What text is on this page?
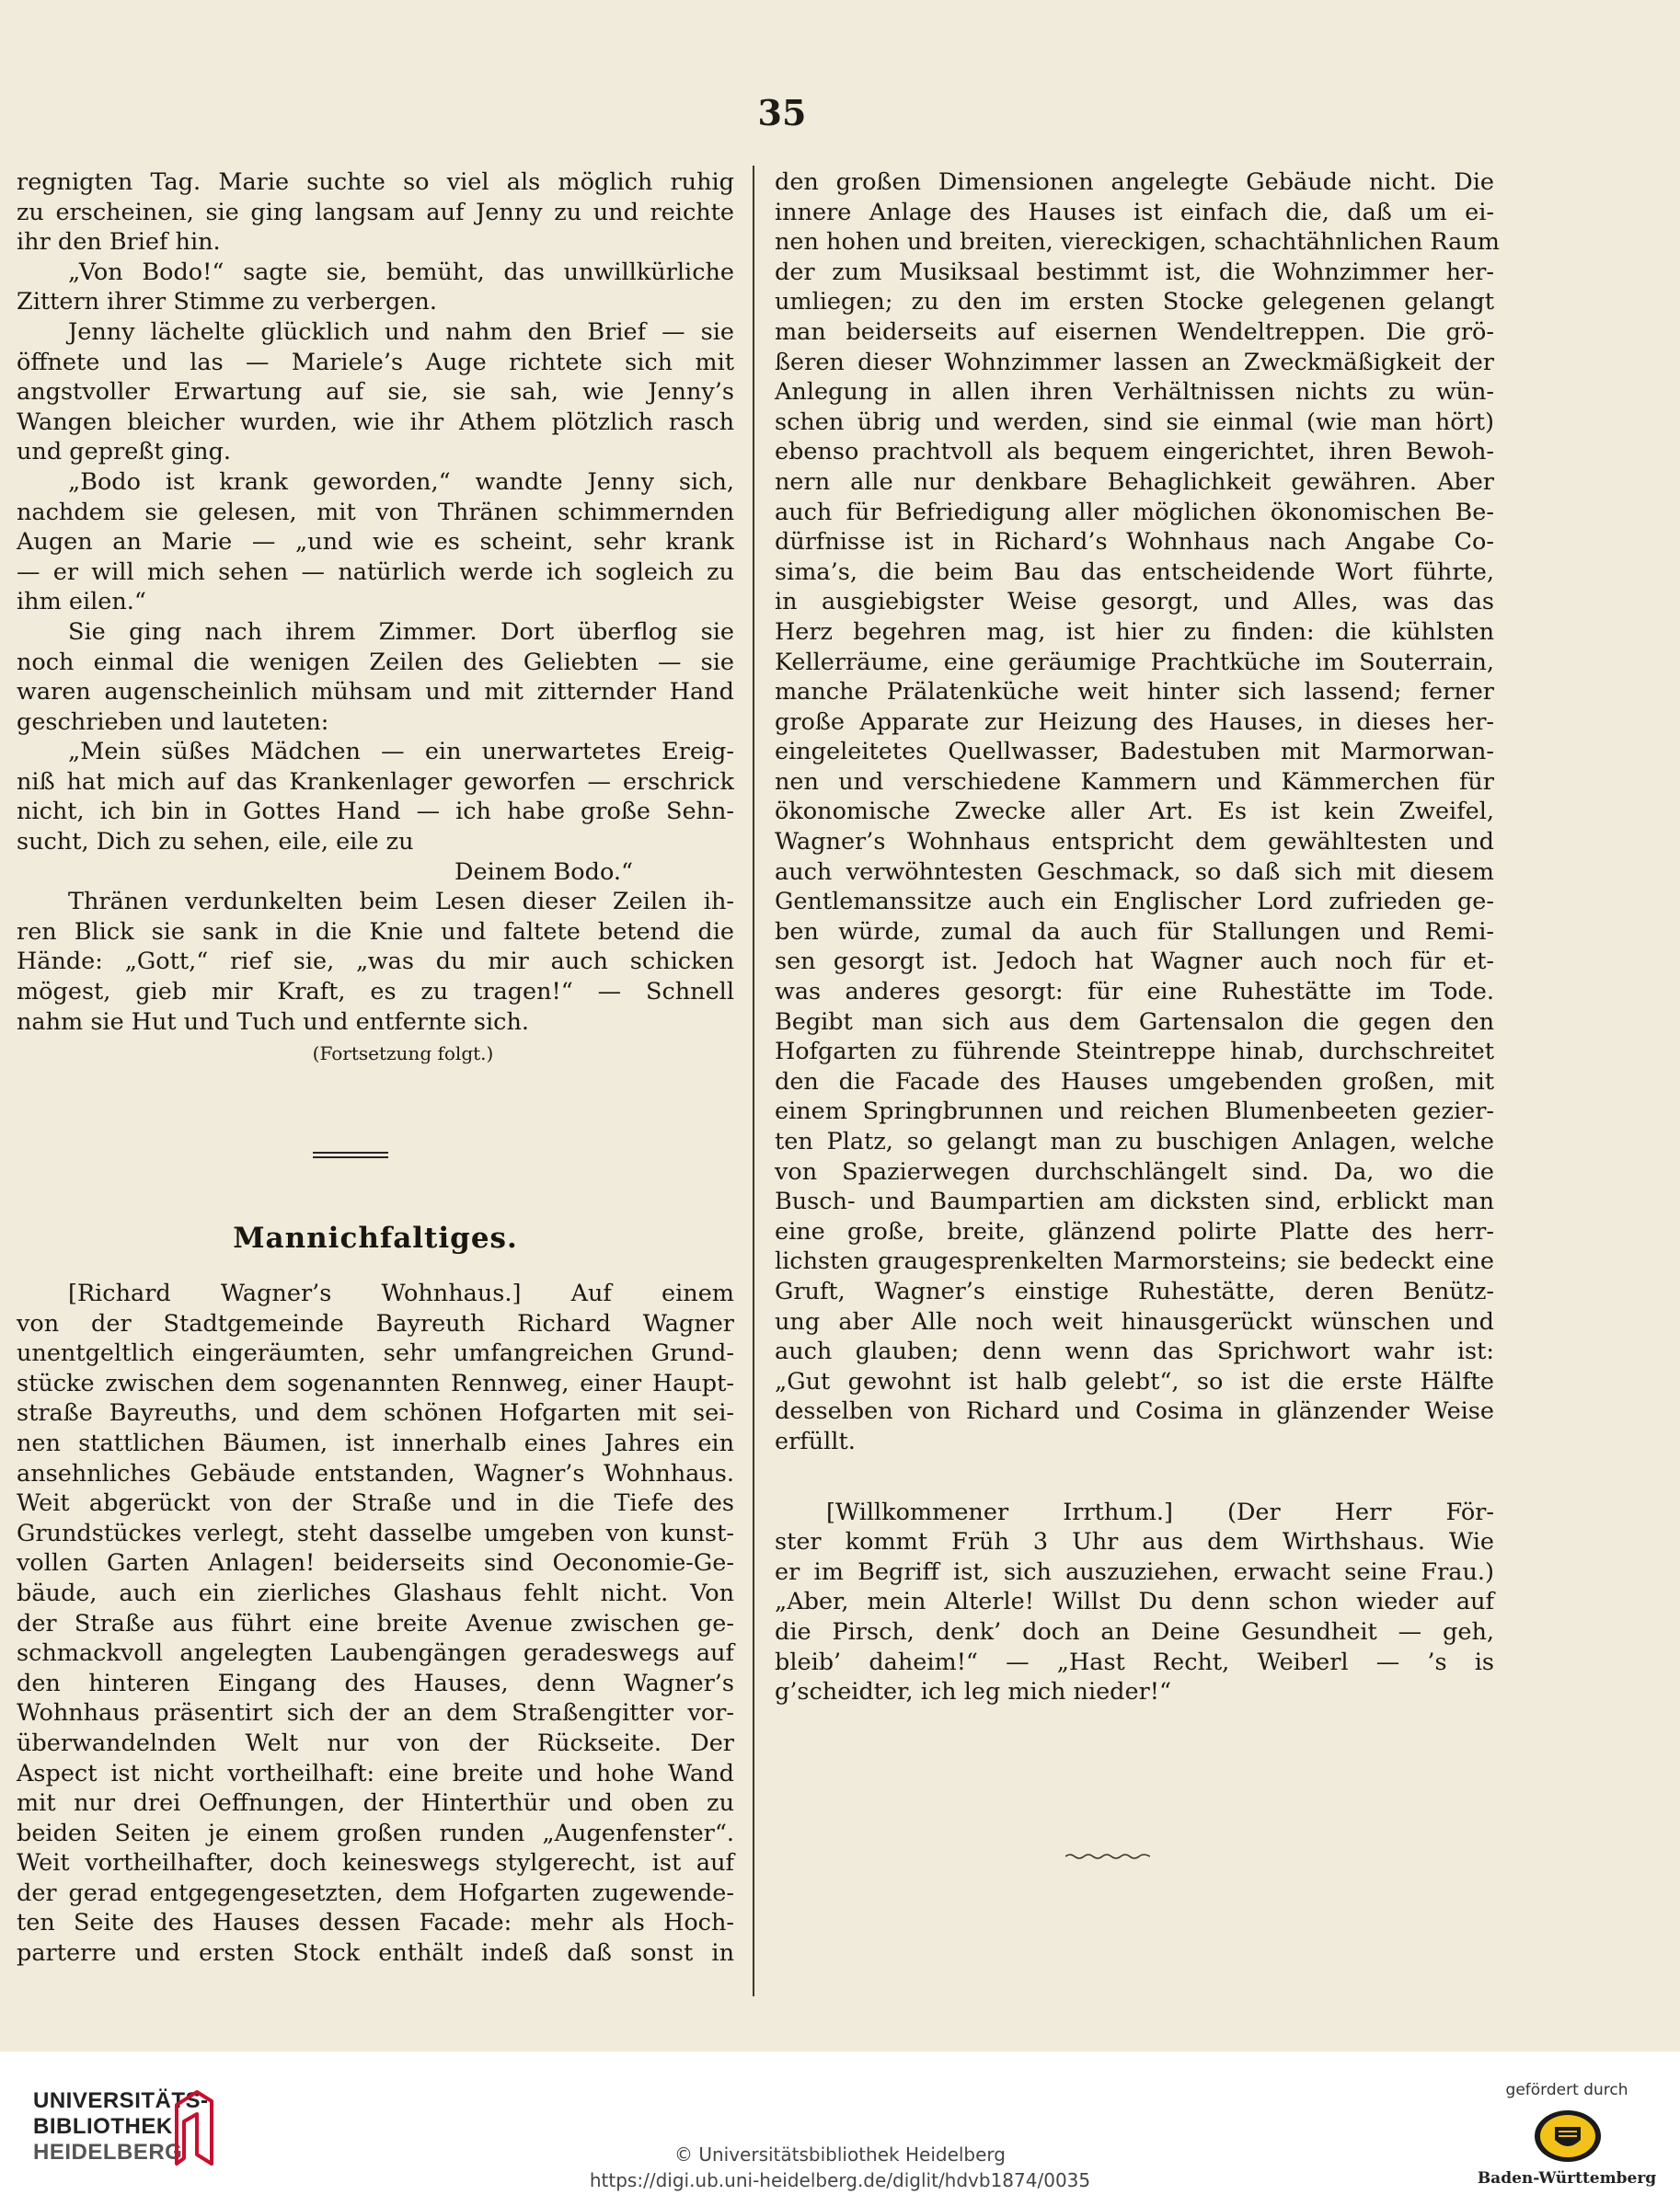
35

regnigten Tag. Marie suchte so viel als möglich ruhig

zu erscheinen, sie ging langsam auf Jenny zu und reichte

ihr den Brief hin.

„Von Bodo!“ sagte sie, bemüht, das unwillkürliche

Zittern ihrer Stimme zu verbergen.

Jenny lächelte glücklich und nahm den Brief — sie

öffnete und las — Mariele’s Auge richtete sich mit

angstvoller Erwartung auf sie, sie sah, wie Jenny’s

Wangen bleicher wurden, wie ihr Athem plötzlich rasch

und gepreßt ging.

„Bodo ist krank geworden,“ wandte Jenny sich,

nachdem sie gelesen, mit von Thränen schimmernden

Augen an Marie — „und wie es scheint, sehr krank

— er will mich sehen — natürlich werde ich sogleich zu

ihm eilen.“

Sie ging nach ihrem Zimmer. Dort überflog sie

noch einmal die wenigen Zeilen des Geliebten — sie

waren augenscheinlich mühsam und mit zitternder Hand

geschrieben und lauteten:

„Mein süßes Mädchen — ein unerwartetes Ereig-

niß hat mich auf das Krankenlager geworfen — erschrick

nicht, ich bin in Gottes Hand — ich habe große Sehn-

sucht, Dich zu sehen, eile, eile zu

Deinem Bodo.“

Thränen verdunkelten beim Lesen dieser Zeilen ih-

ren Blick sie sank in die Knie und faltete betend die

Hände: „Gott,“ rief sie, „was du mir auch schicken

mögest, gieb mir Kraft, es zu tragen!“ — Schnell

nahm sie Hut und Tuch und entfernte sich.

(Fortsetzung folgt.)

Mannichfaltiges.

[Richard Wagner’s Wohnhaus.] Auf einem

von der Stadtgemeinde Bayreuth Richard Wagner

unentgeltlich eingeräumten, sehr umfangreichen Grund-

stücke zwischen dem sogenannten Rennweg, einer Haupt-

straße Bayreuths, und dem schönen Hofgarten mit sei-

nen stattlichen Bäumen, ist innerhalb eines Jahres ein

ansehnliches Gebäude entstanden, Wagner’s Wohnhaus.

Weit abgerückt von der Straße und in die Tiefe des

Grundstückes verlegt, steht dasselbe umgeben von kunst-

vollen Garten Anlagen! beiderseits sind Oeconomie-Ge-

bäude, auch ein zierliches Glashaus fehlt nicht. Von

der Straße aus führt eine breite Avenue zwischen ge-

schmackvoll angelegten Laubengängen geradeswegs auf

den hinteren Eingang des Hauses, denn Wagner’s

Wohnhaus präsentirt sich der an dem Straßengitter vor-

überwandelnden Welt nur von der Rückseite. Der

Aspect ist nicht vortheilhaft: eine breite und hohe Wand

mit nur drei Oeffnungen, der Hinterthür und oben zu

beiden Seiten je einem großen runden „Augenfenster“.

Weit vortheilhafter, doch keineswegs stylgerecht, ist auf

der gerad entgegengesetzten, dem Hofgarten zugewende-

ten Seite des Hauses dessen Facade: mehr als Hoch-

parterre und ersten Stock enthält indeß daß sonst in

den großen Dimensionen angelegte Gebäude nicht. Die

innere Anlage des Hauses ist einfach die, daß um ei-

nen hohen und breiten, viereckigen, schachtähnlichen Raum

der zum Musiksaal bestimmt ist, die Wohnzimmer her-

umliegen; zu den im ersten Stocke gelegenen gelangt

man beiderseits auf eisernen Wendeltreppen. Die grö-

ßeren dieser Wohnzimmer lassen an Zweckmäßigkeit der

Anlegung in allen ihren Verhältnissen nichts zu wün-

schen übrig und werden, sind sie einmal (wie man hört)

ebenso prachtvoll als bequem eingerichtet, ihren Bewoh-

nern alle nur denkbare Behaglichkeit gewähren. Aber

auch für Befriedigung aller möglichen ökonomischen Be-

dürfnisse ist in Richard’s Wohnhaus nach Angabe Co-

sima’s, die beim Bau das entscheidende Wort führte,

in ausgiebigster Weise gesorgt, und Alles, was das

Herz begehren mag, ist hier zu finden: die kühlsten

Kellerräume, eine geräumige Prachtküche im Souterrain,

manche Prälatenküche weit hinter sich lassend; ferner

große Apparate zur Heizung des Hauses, in dieses her-

eingeleitetes Quellwasser, Badestuben mit Marmorwan-

nen und verschiedene Kammern und Kämmerchen für

ökonomische Zwecke aller Art. Es ist kein Zweifel,

Wagner’s Wohnhaus entspricht dem gewähltesten und

auch verwöhntesten Geschmack, so daß sich mit diesem

Gentlemanssitze auch ein Englischer Lord zufrieden ge-

ben würde, zumal da auch für Stallungen und Remi-

sen gesorgt ist. Jedoch hat Wagner auch noch für et-

was anderes gesorgt: für eine Ruhestätte im Tode.

Begibt man sich aus dem Gartensalon die gegen den

Hofgarten zu führende Steintreppe hinab, durchschreitet

den die Facade des Hauses umgebenden großen, mit

einem Springbrunnen und reichen Blumenbeeten gezier-

ten Platz, so gelangt man zu buschigen Anlagen, welche

von Spazierwegen durchschlängelt sind. Da, wo die

Busch- und Baumpartien am dicksten sind, erblickt man

eine große, breite, glänzend polirte Platte des herr-

lichsten graugesprenkelten Marmorsteins; sie bedeckt eine

Gruft, Wagner’s einstige Ruhestätte, deren Benütz-

ung aber Alle noch weit hinausgerückt wünschen und

auch glauben; denn wenn das Sprichwort wahr ist:

„Gut gewohnt ist halb gelebt“, so ist die erste Hälfte

desselben von Richard und Cosima in glänzender Weise

erfüllt.

[Willkommener Irrthum.] (Der Herr För-

ster kommt Früh 3 Uhr aus dem Wirthshaus. Wie

er im Begriff ist, sich auszuziehen, erwacht seine Frau.)

„Aber, mein Alterle! Willst Du denn schon wieder auf

die Pirsch, denk’ doch an Deine Gesundheit — geh,

bleib’ daheim!“ — „Hast Recht, Weiberl — ’s is

g’scheidter, ich leg mich nieder!“

UNIVERSITÄTS-
BIBLIOTHEK
HEIDELBERG	© Universitätsbibliothek Heidelberg
https://digi.ub.uni-heidelberg.de/diglit/hdvb1874/0035
gefördert durch
Baden-Württemberg
